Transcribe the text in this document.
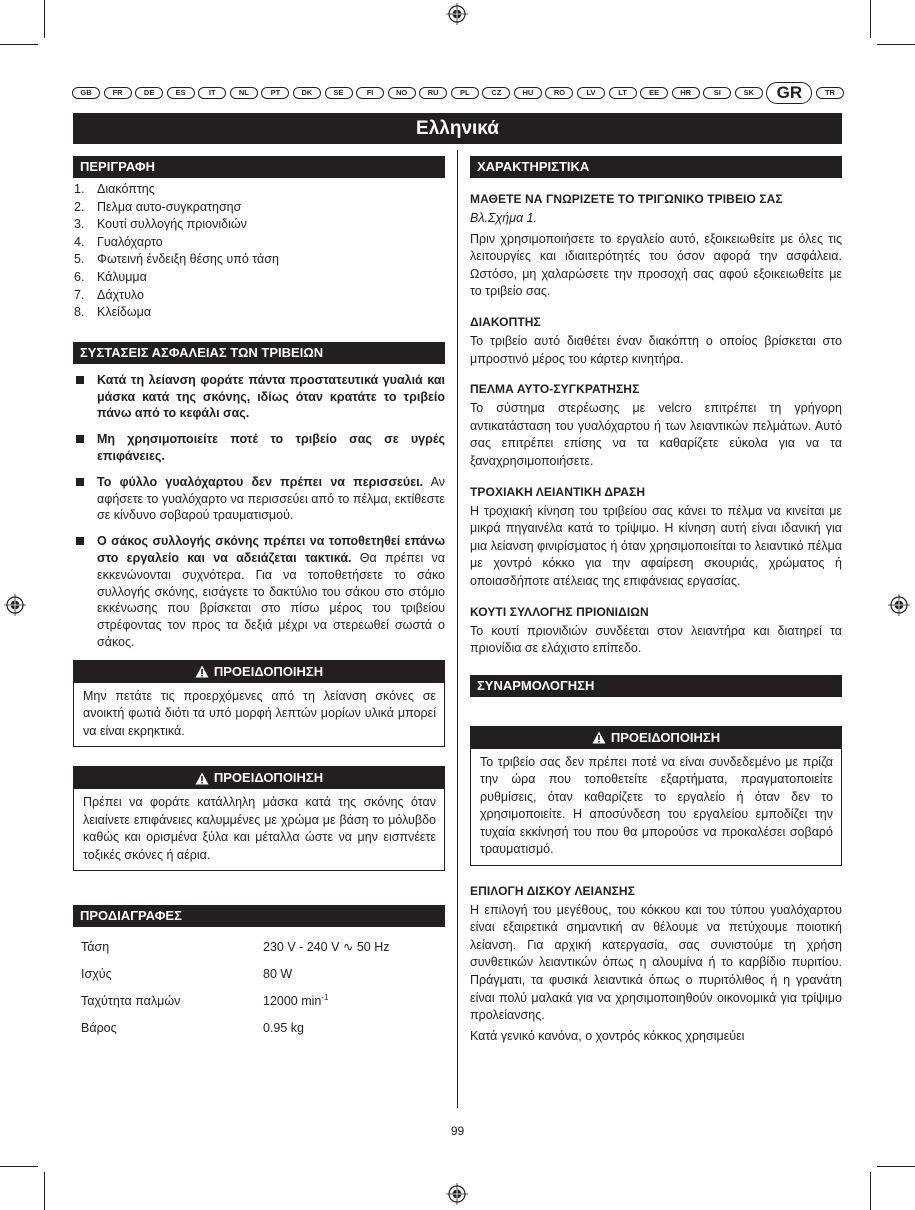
GB	FR	DE	ES	IT	NL	PT	DK	SE	FI	NO	RU	PL	CZ	HU	RO	LV	LT	EE	HR	SI	SK	GR	TR
Ελληνικά
ΠΕΡΙΓΡΑΦΗ
1.	Διακόπτης
2.	Πελμα αυτο-συγκρατησησ
3.	Κουτί συλλογής πριονιδιών
4.	Γυαλόχαρτο
5.	Φωτεινή ένδειξη θέσης υπό τάση
6.	Κάλυμμα
7.	Δάχτυλο
8.	Κλείδωμα
ΣΥΣΤΑΣΕΙΣ ΑΣΦΑΛΕΙΑΣ ΤΩΝ ΤΡΙΒΕΙΩΝ
Κατά τη λείανση φοράτε πάντα προστατευτικά γυαλιά και μάσκα κατά της σκόνης, ιδίως όταν κρατάτε το τριβείο πάνω από το κεφάλι σας.
Μη χρησιμοποιείτε ποτέ το τριβείο σας σε υγρές επιφάνειες.
Το φύλλο γυαλόχαρτου δεν πρέπει να περισσεύει. Αν αφήσετε το γυαλόχαρτο να περισσεύει από το πέλμα, εκτίθεστε σε κίνδυνο σοβαρού τραυματισμού.
Ο σάκος συλλογής σκόνης πρέπει να τοποθετηθεί επάνω στο εργαλείο και να αδειάζεται τακτικά. Θα πρέπει να εκκενώνονται συχνότερα. Για να τοποθετήσετε το σάκο συλλογής σκόνης, εισάγετε το δακτύλιο του σάκου στο στόμιο εκκένωσης που βρίσκεται στο πίσω μέρος του τριβείου στρέφοντας τον προς τα δεξιά μέχρι να στερεωθεί σωστά ο σάκος.
ΠΡΟΕΙΔΟΠΟΙΗΣΗ
Μην πετάτε τις προερχόμενες από τη λείανση σκόνες σε ανοικτή φωτιά διότι τα υπό μορφή λεπτών μορίων υλικά μπορεί να είναι εκρηκτικά.
ΠΡΟΕΙΔΟΠΟΙΗΣΗ
Πρέπει να φοράτε κατάλληλη μάσκα κατά της σκόνης όταν λειαίνετε επιφάνειες καλυμμένες με χρώμα με βάση το μόλυβδο καθώς και ορισμένα ξύλα και μέταλλα ώστε να μην εισπνέετε τοξικές σκόνες ή αέρια.
ΠΡΟΔΙΑΓΡΑΦΕΣ
Τάση	230 V - 240 V ∿ 50 Hz
Ισχύς	80 W
Ταχύτητα παλμών	12000 $\min^{-1}$
Βάρος	0.95 kg
ΧΑΡΑΚΤΗΡΙΣΤΙΚΑ
ΜΑΘΕΤΕ ΝΑ ΓΝΩΡΙΖΕΤΕ ΤΟ ΤΡΙΓΩΝΙΚΟ ΤΡΙΒΕΙΟ ΣΑΣ
Βλ.Σχήμα 1.
Πριν χρησιμοποιήσετε το εργαλείο αυτό, εξοικειωθείτε με όλες τις λειτουργίες και ιδιαιτερότητές του όσον αφορά την ασφάλεια. Ωστόσο, μη χαλαρώσετε την προσοχή σας αφού εξοικειωθείτε με το τριβείο σας.
ΔΙΑΚΟΠΤΗΣ
Το τριβείο αυτό διαθέτει έναν διακόπτη ο οποίος βρίσκεται στο μπροστινό μέρος του κάρτερ κινητήρα.
ΠΕΛΜΑ ΑΥΤΟ-ΣΥΓΚΡΑΤΗΣΗΣ
Το σύστημα στερέωσης με velcro επιτρέπει τη γρήγορη αντικατάσταση του γυαλόχαρτου ή των λειαντικών πελμάτων. Αυτό σας επιτρέπει επίσης να τα καθαρίζετε εύκολα για να τα ξαναχρησιμοποιήσετε.
ΤΡΟΧΙΑΚΗ ΛΕΙΑΝΤΙΚΗ ΔΡΑΣΗ
Η τροχιακή κίνηση του τριβείου σας κάνει το πέλμα να κινείται με μικρά πηγαινέλα κατά το τρίψιμο. Η κίνηση αυτή είναι ιδανική για μια λείανση φινιρίσματος ή όταν χρησιμοποιείται το λειαντικό πέλμα με χοντρό κόκκο για την αφαίρεση σκουριάς, χρώματος ή οποιασδήποτε ατέλειας της επιφάνειας εργασίας.
ΚΟΥΤΙ ΣΥΛΛΟΓΗΣ ΠΡΙΟΝΙΔΙΩΝ
Το κουτί πριονιδιών συνδέεται στον λειαντήρα και διατηρεί τα πριονίδια σε ελάχιστο επίπεδο.
ΣΥΝΑΡΜΟΛΟΓΗΣΗ
ΠΡΟΕΙΔΟΠΟΙΗΣΗ
Το τριβείο σας δεν πρέπει ποτέ να είναι συνδεδεμένο με πρίζα την ώρα που τοποθετείτε εξαρτήματα, πραγματοποιείτε ρυθμίσεις, όταν καθαρίζετε το εργαλείο ή όταν δεν το χρησιμοποιείτε. Η αποσύνδεση του εργαλείου εμποδίζει την τυχαία εκκίνησή του που θα μπορούσε να προκαλέσει σοβαρό τραυματισμό.
ΕΠΙΛΟΓΗ ΔΙΣΚΟΥ ΛΕΙΑΝΣΗΣ
Η επιλογή του μεγέθους, του κόκκου και του τύπου γυαλόχαρτου είναι εξαιρετικά σημαντική αν θέλουμε να πετύχουμε ποιοτική λείανση. Για αρχική κατεργασία, σας συνιστούμε τη χρήση συνθετικών λειαντικών όπως η αλουμίνα ή το καρβίδιο πυριτίου. Πράγματι, τα φυσικά λειαντικά όπως ο πυριτόλιθος ή η γρανάτη είναι πολύ μαλακά για να χρησιμοποιηθούν οικονομικά για τρίψιμο προλείανσης.
Κατά γενικό κανόνα, ο χοντρός κόκκος χρησιμεύει
99
